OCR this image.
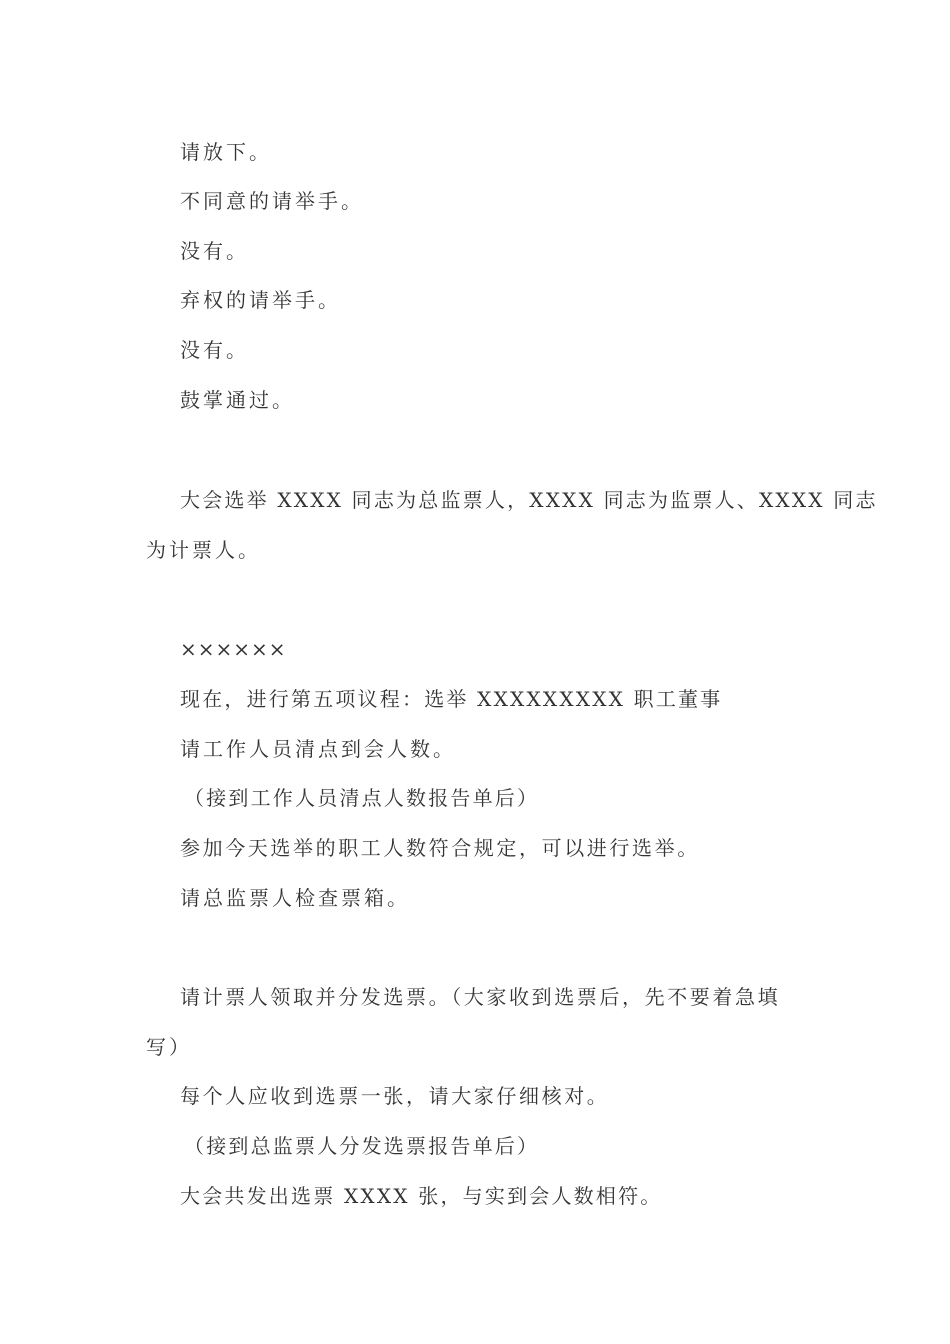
请放下。
不同意的请举手。
没有。
弃权的请举手。
没有。
鼓掌通过。
大会选举 XXXX 同志为总监票人，XXXX 同志为监票人、XXXX 同志
为计票人。
××××××
现在，进行第五项议程：选举 XXXXXXXXX 职工董事
请工作人员清点到会人数。
（接到工作人员清点人数报告单后）
参加今天选举的职工人数符合规定，可以进行选举。
请总监票人检查票箱。
请计票人领取并分发选票。（大家收到选票后，先不要着急填
写）
每个人应收到选票一张，请大家仔细核对。
（接到总监票人分发选票报告单后）
大会共发出选票 XXXX 张，与实到会人数相符。
